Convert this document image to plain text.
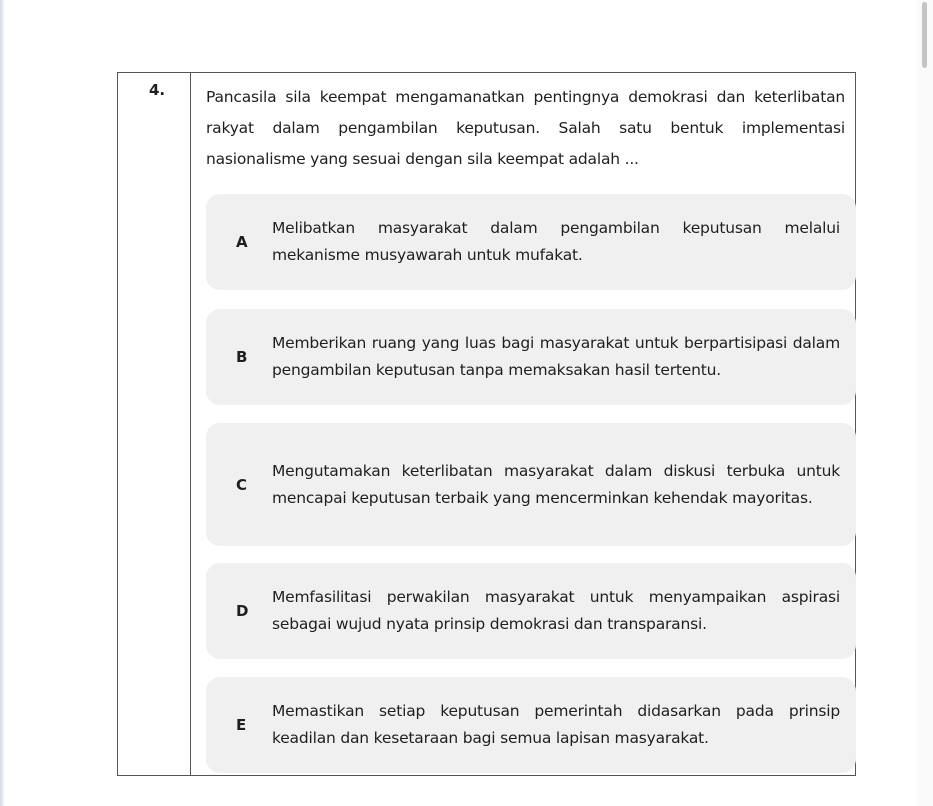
4.	Pancasila sila keempat mengamanatkan pentingnya demokrasi dan keterlibatan rakyat dalam pengambilan keputusan. Salah satu bentuk implementasi nasionalisme yang sesuai dengan sila keempat adalah ...
A
Melibatkan masyarakat dalam pengambilan keputusan melalui mekanisme musyawarah untuk mufakat.
B
Memberikan ruang yang luas bagi masyarakat untuk berpartisipasi dalam pengambilan keputusan tanpa memaksakan hasil tertentu.
C
Mengutamakan keterlibatan masyarakat dalam diskusi terbuka untuk mencapai keputusan terbaik yang mencerminkan kehendak mayoritas.
D
Memfasilitasi perwakilan masyarakat untuk menyampaikan aspirasi sebagai wujud nyata prinsip demokrasi dan transparansi.
E
Memastikan setiap keputusan pemerintah didasarkan pada prinsip keadilan dan kesetaraan bagi semua lapisan masyarakat.
